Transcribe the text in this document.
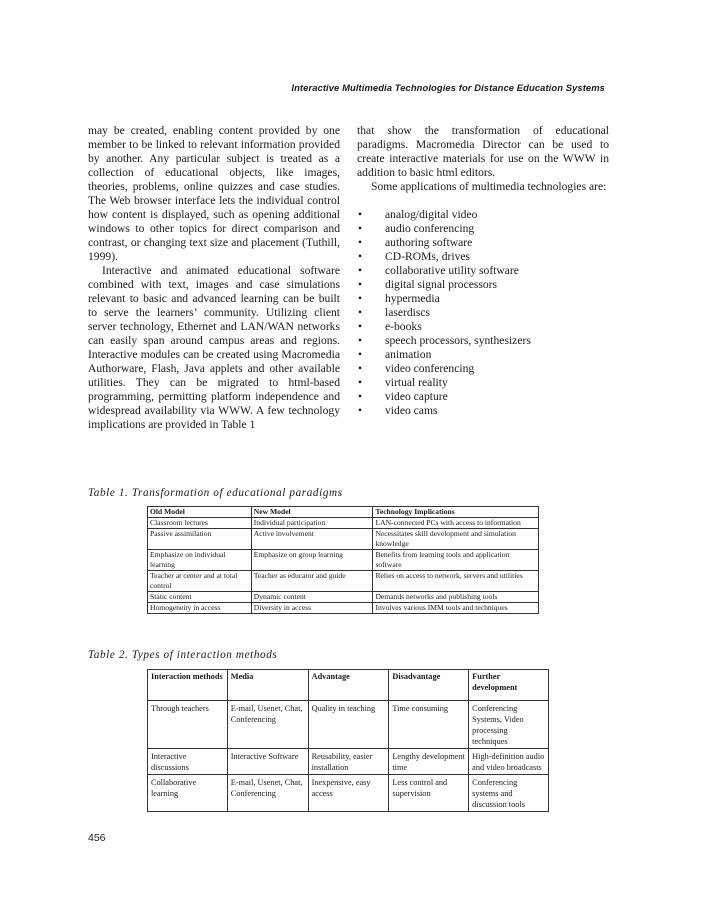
Interactive Multimedia Technologies for Distance Education Systems

may be created, enabling content provided by one member to be linked to relevant information provided by another. Any particular subject is treated as a collection of educational objects, like images, theories, problems, online quizzes and case studies. The Web browser interface lets the individual control how content is displayed, such as opening additional windows to other topics for direct comparison and contrast, or changing text size and placement (Tuthill, 1999).

Interactive and animated educational software combined with text, images and case simulations relevant to basic and advanced learning can be built to serve the learners’ community. Utilizing client server technology, Ethernet and LAN/WAN networks can easily span around campus areas and regions. Interactive modules can be created using Macromedia Authorware, Flash, Java applets and other available utilities. They can be migrated to html-based programming, permitting platform independence and widespread availability via WWW. A few technology implications are provided in Table 1

that show the transformation of educational paradigms. Macromedia Director can be used to create interactive materials for use on the WWW in addition to basic html editors.

Some applications of multimedia technologies are:

• analog/digital video
• audio conferencing
• authoring software
• CD-ROMs, drives
• collaborative utility software
• digital signal processors
• hypermedia
• laserdiscs
• e-books
• speech processors, synthesizers
• animation
• video conferencing
• virtual reality
• video capture
• video cams
Table 1. Transformation of educational paradigms
Old Model	New Model	Technology Implications
Classroom lectures	Individual participation	LAN-connected PCs with access to information
Passive assimilation	Active involvement	Necessitates skill development and simulation knowledge
Emphasize on individual learning	Emphasize on group learning	Benefits from learning tools and application software
Teacher at center and at total control	Teacher as educator and guide	Relies on access to network, servers and utilities
Static content	Dynamic content	Demands networks and publishing tools
Homogeneity in access	Diversity in access	Involves various IMM tools and techniques
Table 2. Types of interaction methods
Interaction methods	Media	Advantage	Disadvantage	Further development
Through teachers	E-mail, Usenet, Chat, Conferencing	Quality in teaching	Time consuming	Conferencing Systems, Video processing techniques
Interactive discussions	Interactive Software	Reusability, easier installation	Lengthy development time	High-definition audio and video broadcasts
Collaborative learning	E-mail, Usenet, Chat, Conferencing	Inexpensive, easy access	Less control and supervision	Conferencing systems and discussion tools
456
